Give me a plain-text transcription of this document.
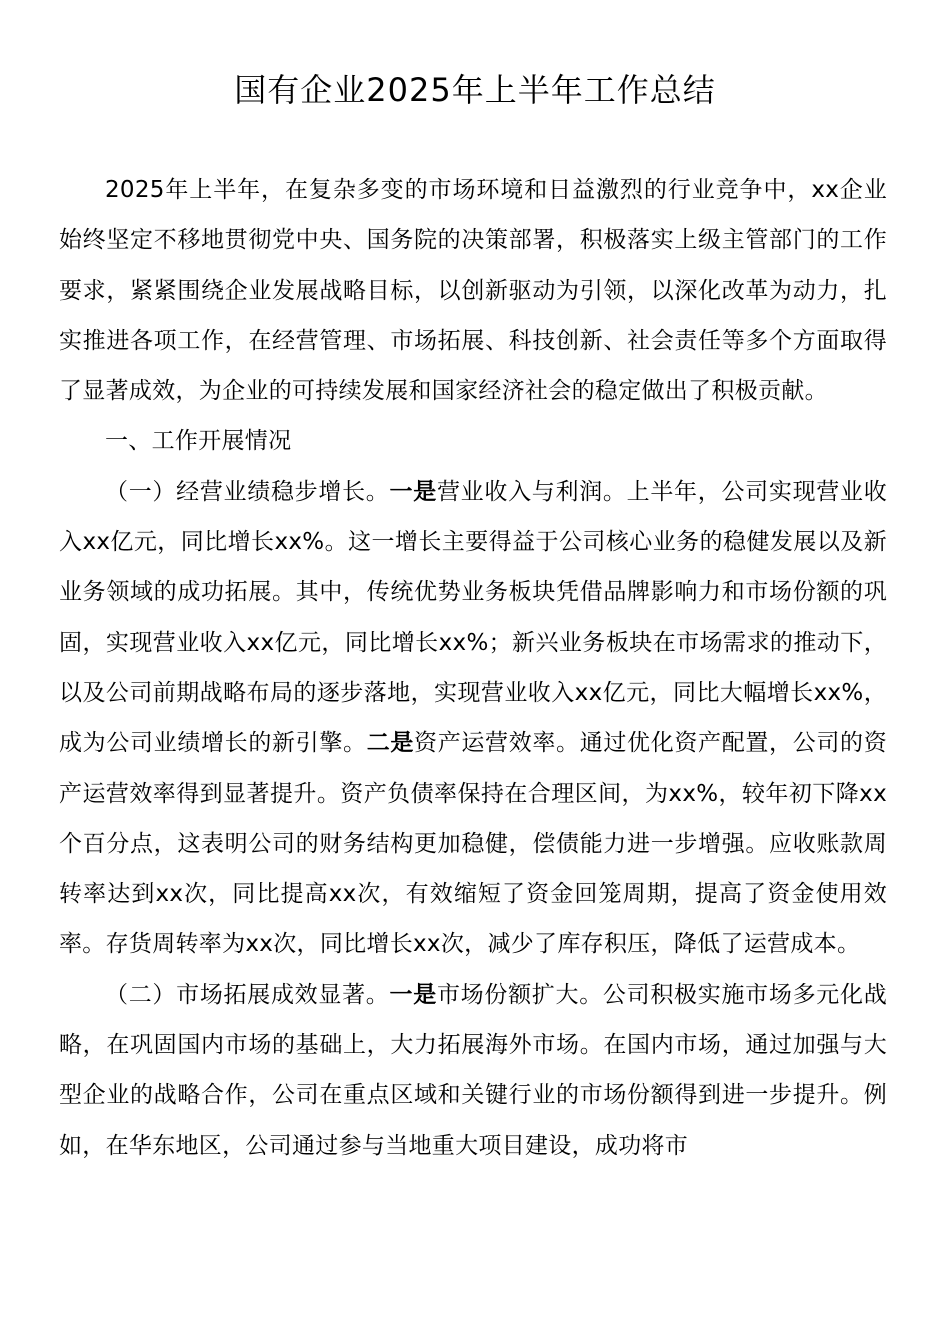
国有企业2025年上半年工作总结

2025年上半年，在复杂多变的市场环境和日益激烈的行业竞争中，xx企业始终坚定不移地贯彻党中央、国务院的决策部署，积极落实上级主管部门的工作要求，紧紧围绕企业发展战略目标，以创新驱动为引领，以深化改革为动力，扎实推进各项工作，在经营管理、市场拓展、科技创新、社会责任等多个方面取得了显著成效，为企业的可持续发展和国家经济社会的稳定做出了积极贡献。

一、工作开展情况

（一）经营业绩稳步增长。一是营业收入与利润。上半年，公司实现营业收入xx亿元，同比增长xx%。这一增长主要得益于公司核心业务的稳健发展以及新业务领域的成功拓展。其中，传统优势业务板块凭借品牌影响力和市场份额的巩固，实现营业收入xx亿元，同比增长xx%；新兴业务板块在市场需求的推动下，以及公司前期战略布局的逐步落地，实现营业收入xx亿元，同比大幅增长xx%，成为公司业绩增长的新引擎。二是资产运营效率。通过优化资产配置，公司的资产运营效率得到显著提升。资产负债率保持在合理区间，为xx%，较年初下降xx个百分点，这表明公司的财务结构更加稳健，偿债能力进一步增强。应收账款周转率达到xx次，同比提高xx次，有效缩短了资金回笼周期，提高了资金使用效率。存货周转率为xx次，同比增长xx次，减少了库存积压，降低了运营成本。

（二）市场拓展成效显著。一是市场份额扩大。公司积极实施市场多元化战略，在巩固国内市场的基础上，大力拓展海外市场。在国内市场，通过加强与大型企业的战略合作，公司在重点区域和关键行业的市场份额得到进一步提升。例如，在华东地区，公司通过参与当地重大项目建设，成功将市
